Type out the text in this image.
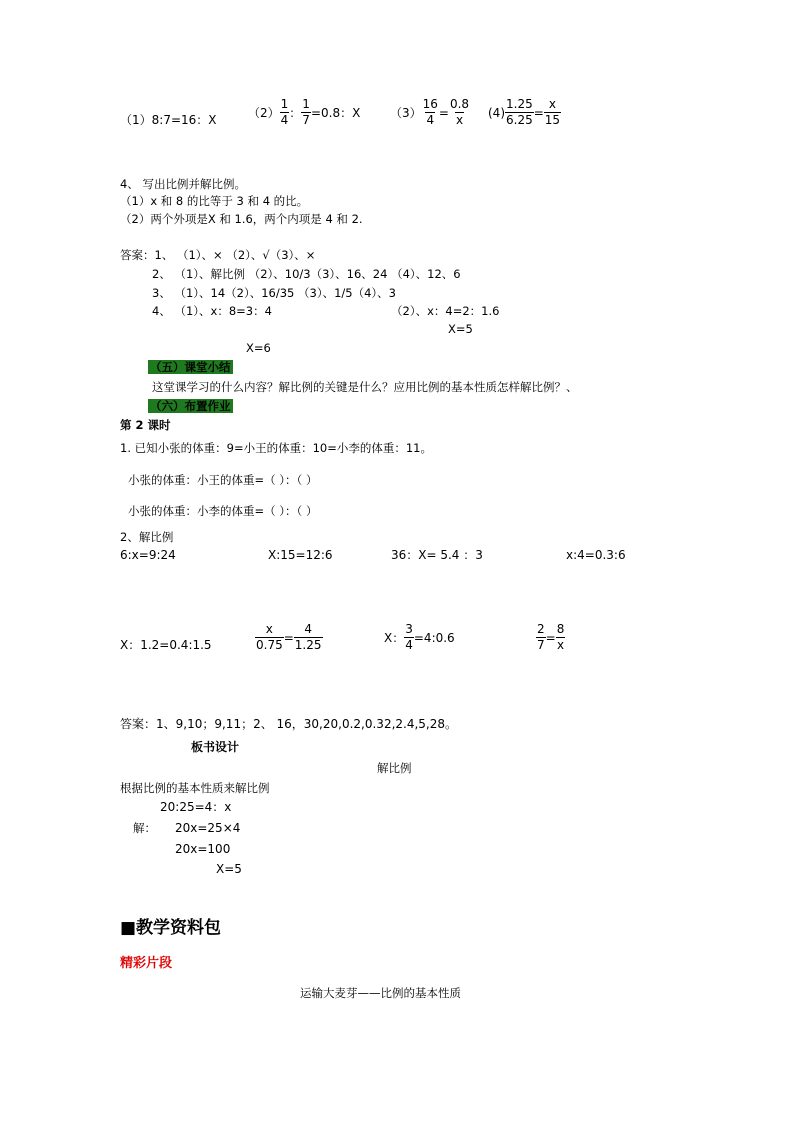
（1）8:7=16：X	$(2) \frac{1}{4}$ ： $\frac{1}{7} =0.8$：X $(3) \frac{16}{4} = \frac{0.8}{x} (4) \frac{1.25}{6.25} = \frac{x}{15}$
4、 写出比例并解比例。
（1）x 和 8 的比等于 3 和 4 的比。
（2）两个外项是X 和 1.6，两个内项是 4 和 2.
答案：1、 （1）、× （2）、√（3）、×
2、 （1）、解比例 （2）、10/3（3）、16、24 （4）、12、6
3、 （1）、14（2）、16/35 （3）、1/5（4）、3
4、 （1）、x：8=3：4	（2）、x：4=2：1.6
X=5
X=6
（五）课堂小结
这堂课学习的什么内容？解比例的关键是什么？应用比例的基本性质怎样解比例？、
（六）布置作业
第 2 课时
1. 已知小张的体重：9=小王的体重：10=小李的体重：11。
小张的体重：小王的体重=（ ）：（ ）
小张的体重：小李的体重=（ ）：（ ）
2、解比例
6:x=9:24	X:15=12:6	36：X= 5.4 ：3	x:4=0.3:6
X：1.2=0.4:1.5	$\frac{x}{0.75} = \frac{4}{1.25}$	X： $\frac{3}{4}$ =4:0.6	$\frac{2}{7} = \frac{8}{x}$
答案：1、9,10；9,11；2、 16，30,20,0.2,0.32,2.4,5,28。
板书设计
解比例
根据比例的基本性质来解比例
20:25=4：x
解： 20x=25×4
20x=100
X=5
■教学资料包
精彩片段
运输大麦芽——比例的基本性质
